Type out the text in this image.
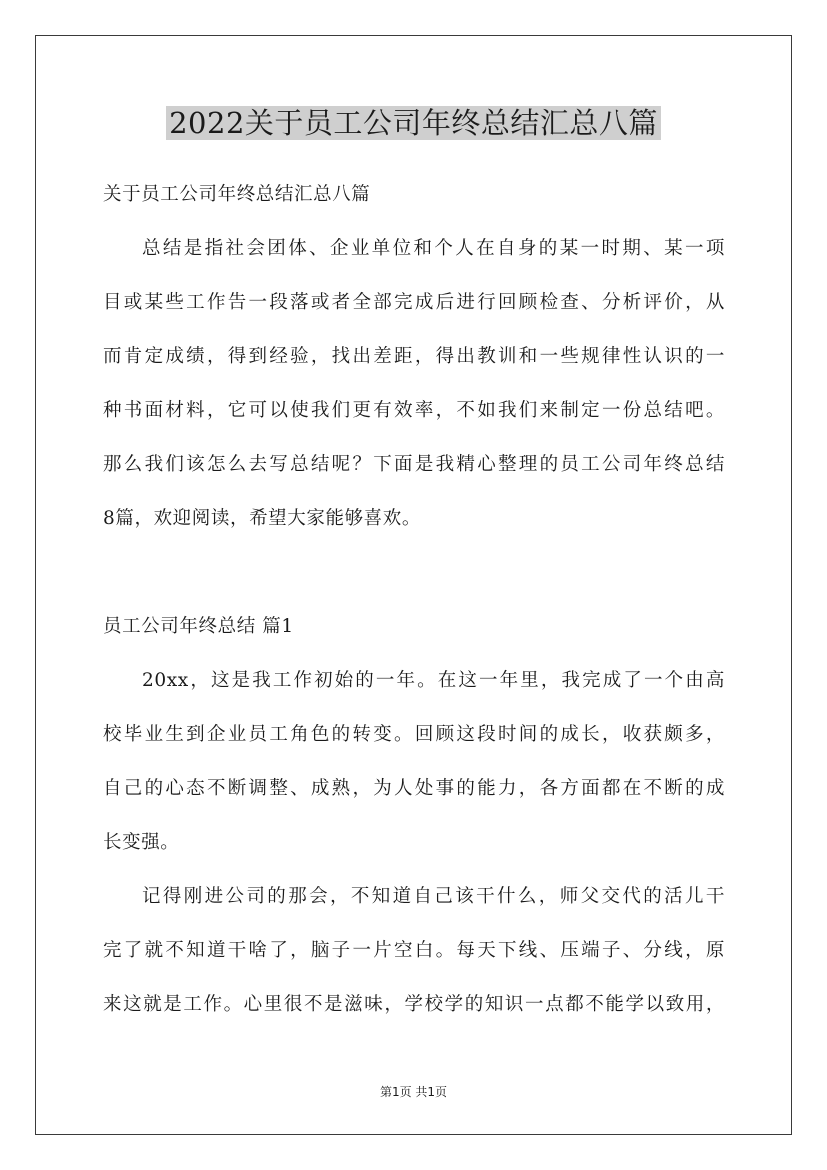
2022关于员工公司年终总结汇总八篇
关于员工公司年终总结汇总八篇
总结是指社会团体、企业单位和个人在自身的某一时期、某一项
目或某些工作告一段落或者全部完成后进行回顾检查、分析评价，从
而肯定成绩，得到经验，找出差距，得出教训和一些规律性认识的一
种书面材料，它可以使我们更有效率，不如我们来制定一份总结吧。
那么我们该怎么去写总结呢？下面是我精心整理的员工公司年终总结
8篇，欢迎阅读，希望大家能够喜欢。
员工公司年终总结 篇1
20xx，这是我工作初始的一年。在这一年里，我完成了一个由高
校毕业生到企业员工角色的转变。回顾这段时间的成长，收获颇多，
自己的心态不断调整、成熟，为人处事的能力，各方面都在不断的成
长变强。
记得刚进公司的那会，不知道自己该干什么，师父交代的活儿干
完了就不知道干啥了，脑子一片空白。每天下线、压端子、分线，原
来这就是工作。心里很不是滋味，学校学的知识一点都不能学以致用，
第1页 共1页
